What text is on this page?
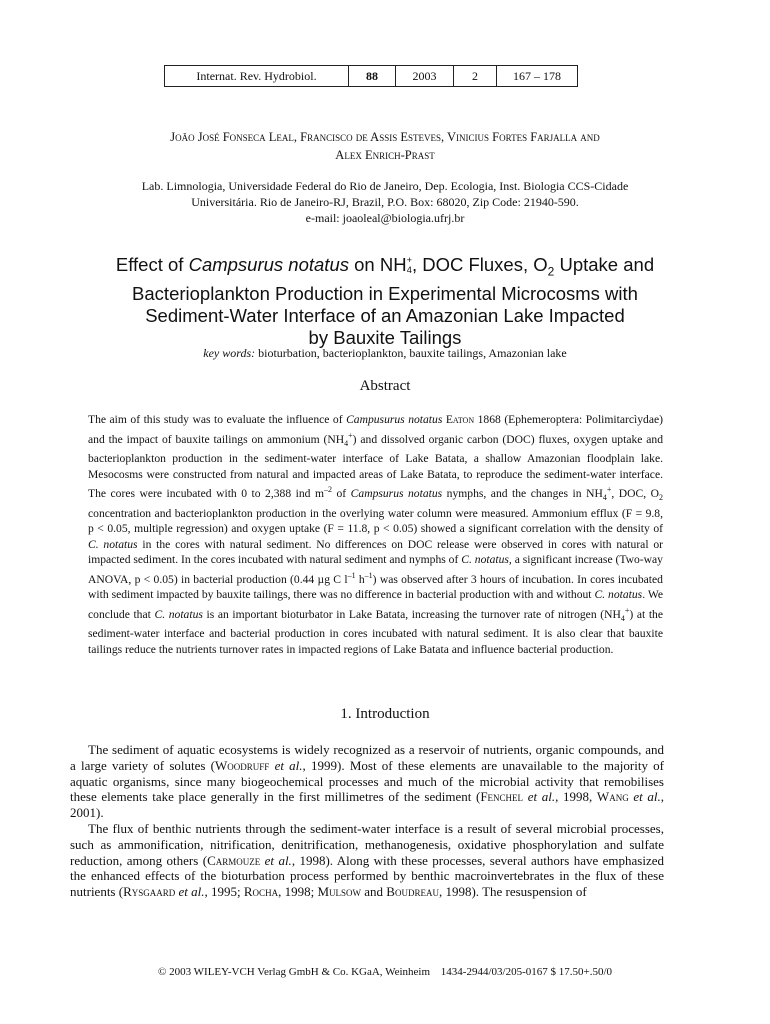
Internat. Rev. Hydrobiol.	88	2003	2	167 – 178
João José Fonseca Leal, Francisco de Assis Esteves, Vinicius Fortes Farjalla and
Alex Enrich-Prast
Lab. Limnologia, Universidade Federal do Rio de Janeiro, Dep. Ecologia, Inst. Biologia CCS-Cidade
Universitária. Rio de Janeiro-RJ, Brazil, P.O. Box: 68020, Zip Code: 21940-590.
e-mail: joaoleal@biologia.ufrj.br
Effect of Campsurus notatus on NH +
4 , DOC Fluxes, $O_2$ Uptake and
Bacterioplankton Production in Experimental Microcosms with
Sediment-Water Interface of an Amazonian Lake Impacted
by Bauxite Tailings
key words: bioturbation, bacterioplankton, bauxite tailings, Amazonian lake
Abstract

The aim of this study was to evaluate the influence of Campusurus notatus Eaton 1868 (Ephemeroptera: Polimitarcìydae) and the impact of bauxite tailings on ammonium $(NH_4^+)$ and dissolved organic carbon (DOC) fluxes, oxygen uptake and bacterioplankton production in the sediment-water interface of Lake Batata, a shallow Amazonian floodplain lake. Mesocosms were constructed from natural and impacted areas of Lake Batata, to reproduce the sediment-water interface. The cores were incubated with 0 to 2,388 ind $m^{-2}$ of Campsurus notatus nymphs, and the changes in $NH_4^+$, DOC, $O_2$ concentration and bacterioplankton production in the overlying water column were measured. Ammonium efflux (F = 9.8, p < 0.05, multiple regression) and oxygen uptake (F = 11.8, p < 0.05) showed a significant correlation with the density of C. notatus in the cores with natural sediment. No differences on DOC release were observed in cores with natural or impacted sediment. In the cores incubated with natural sediment and nymphs of C. notatus, a significant increase (Two-way ANOVA, p < 0.05) in bacterial production (0.44 µg C $l^{-1}$ $h^{-1}$) was observed after 3 hours of incubation. In cores incubated with sediment impacted by bauxite tailings, there was no difference in bacterial production with and without C. notatus. We conclude that C. notatus is an important bioturbator in Lake Batata, increasing the turnover rate of nitrogen $(NH_4^+)$ at the sediment-water interface and bacterial production in cores incubated with natural sediment. It is also clear that bauxite tailings reduce the nutrients turnover rates in impacted regions of Lake Batata and influence bacterial production.

1. Introduction

The sediment of aquatic ecosystems is widely recognized as a reservoir of nutrients, organic compounds, and a large variety of solutes (Woodruff et al., 1999). Most of these elements are unavailable to the majority of aquatic organisms, since many biogeochemical processes and much of the microbial activity that remobilises these elements take place generally in the first millimetres of the sediment (Fenchel et al., 1998, Wang et al., 2001).

The flux of benthic nutrients through the sediment-water interface is a result of several microbial processes, such as ammonification, nitrification, denitrification, methanogenesis, oxidative phosphorylation and sulfate reduction, among others (Carmouze et al., 1998). Along with these processes, several authors have emphasized the enhanced effects of the bioturbation process performed by benthic macroinvertebrates in the flux of these nutrients (Rysgaard et al., 1995; Rocha, 1998; Mulsow and Boudreau, 1998). The resuspension of

© 2003 WILEY-VCH Verlag GmbH & Co. KGaA, Weinheim 1434-2944/03/205-0167 $ 17.50+.50/0
